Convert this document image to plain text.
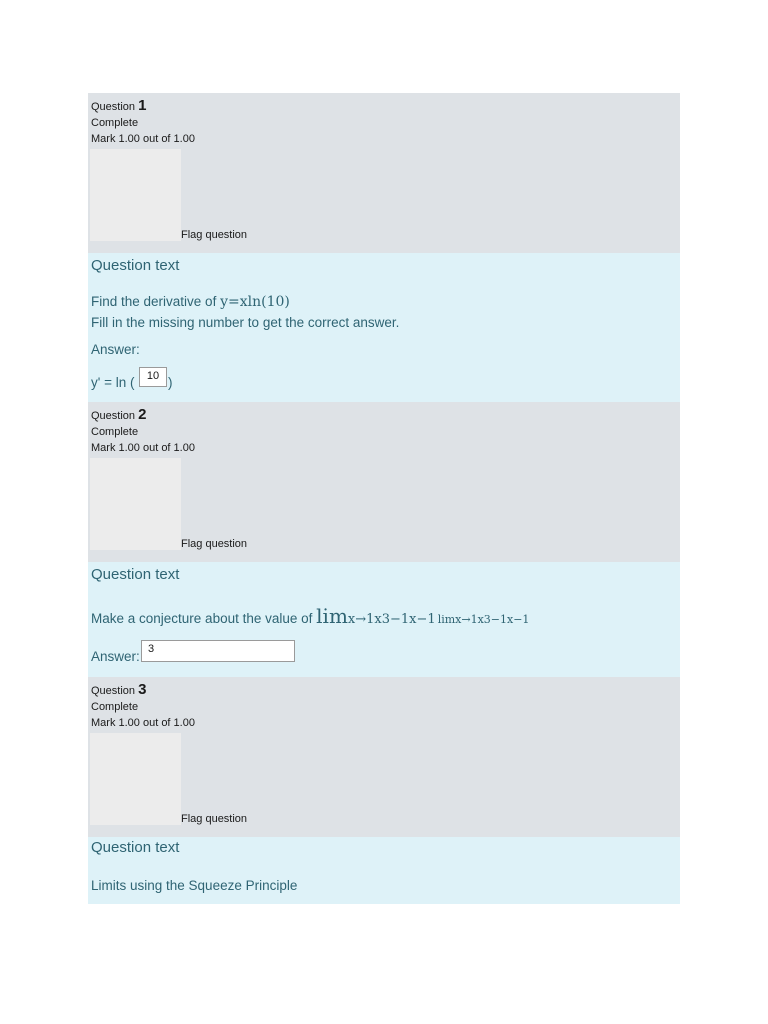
Question 1
Complete
Mark 1.00 out of 1.00
Flag question
Question text
Find the derivative of y=xln(10)
Fill in the missing number to get the correct answer.
Answer:
y' = ln (	10 )
Question 2
Complete
Mark 1.00 out of 1.00
Flag question
Question text
Make a conjecture about the value of limx→1x3−1x−1 limx→1x3−1x−1
Answer: 3
Question 3
Complete
Mark 1.00 out of 1.00
Flag question
Question text
Limits using the Squeeze Principle
